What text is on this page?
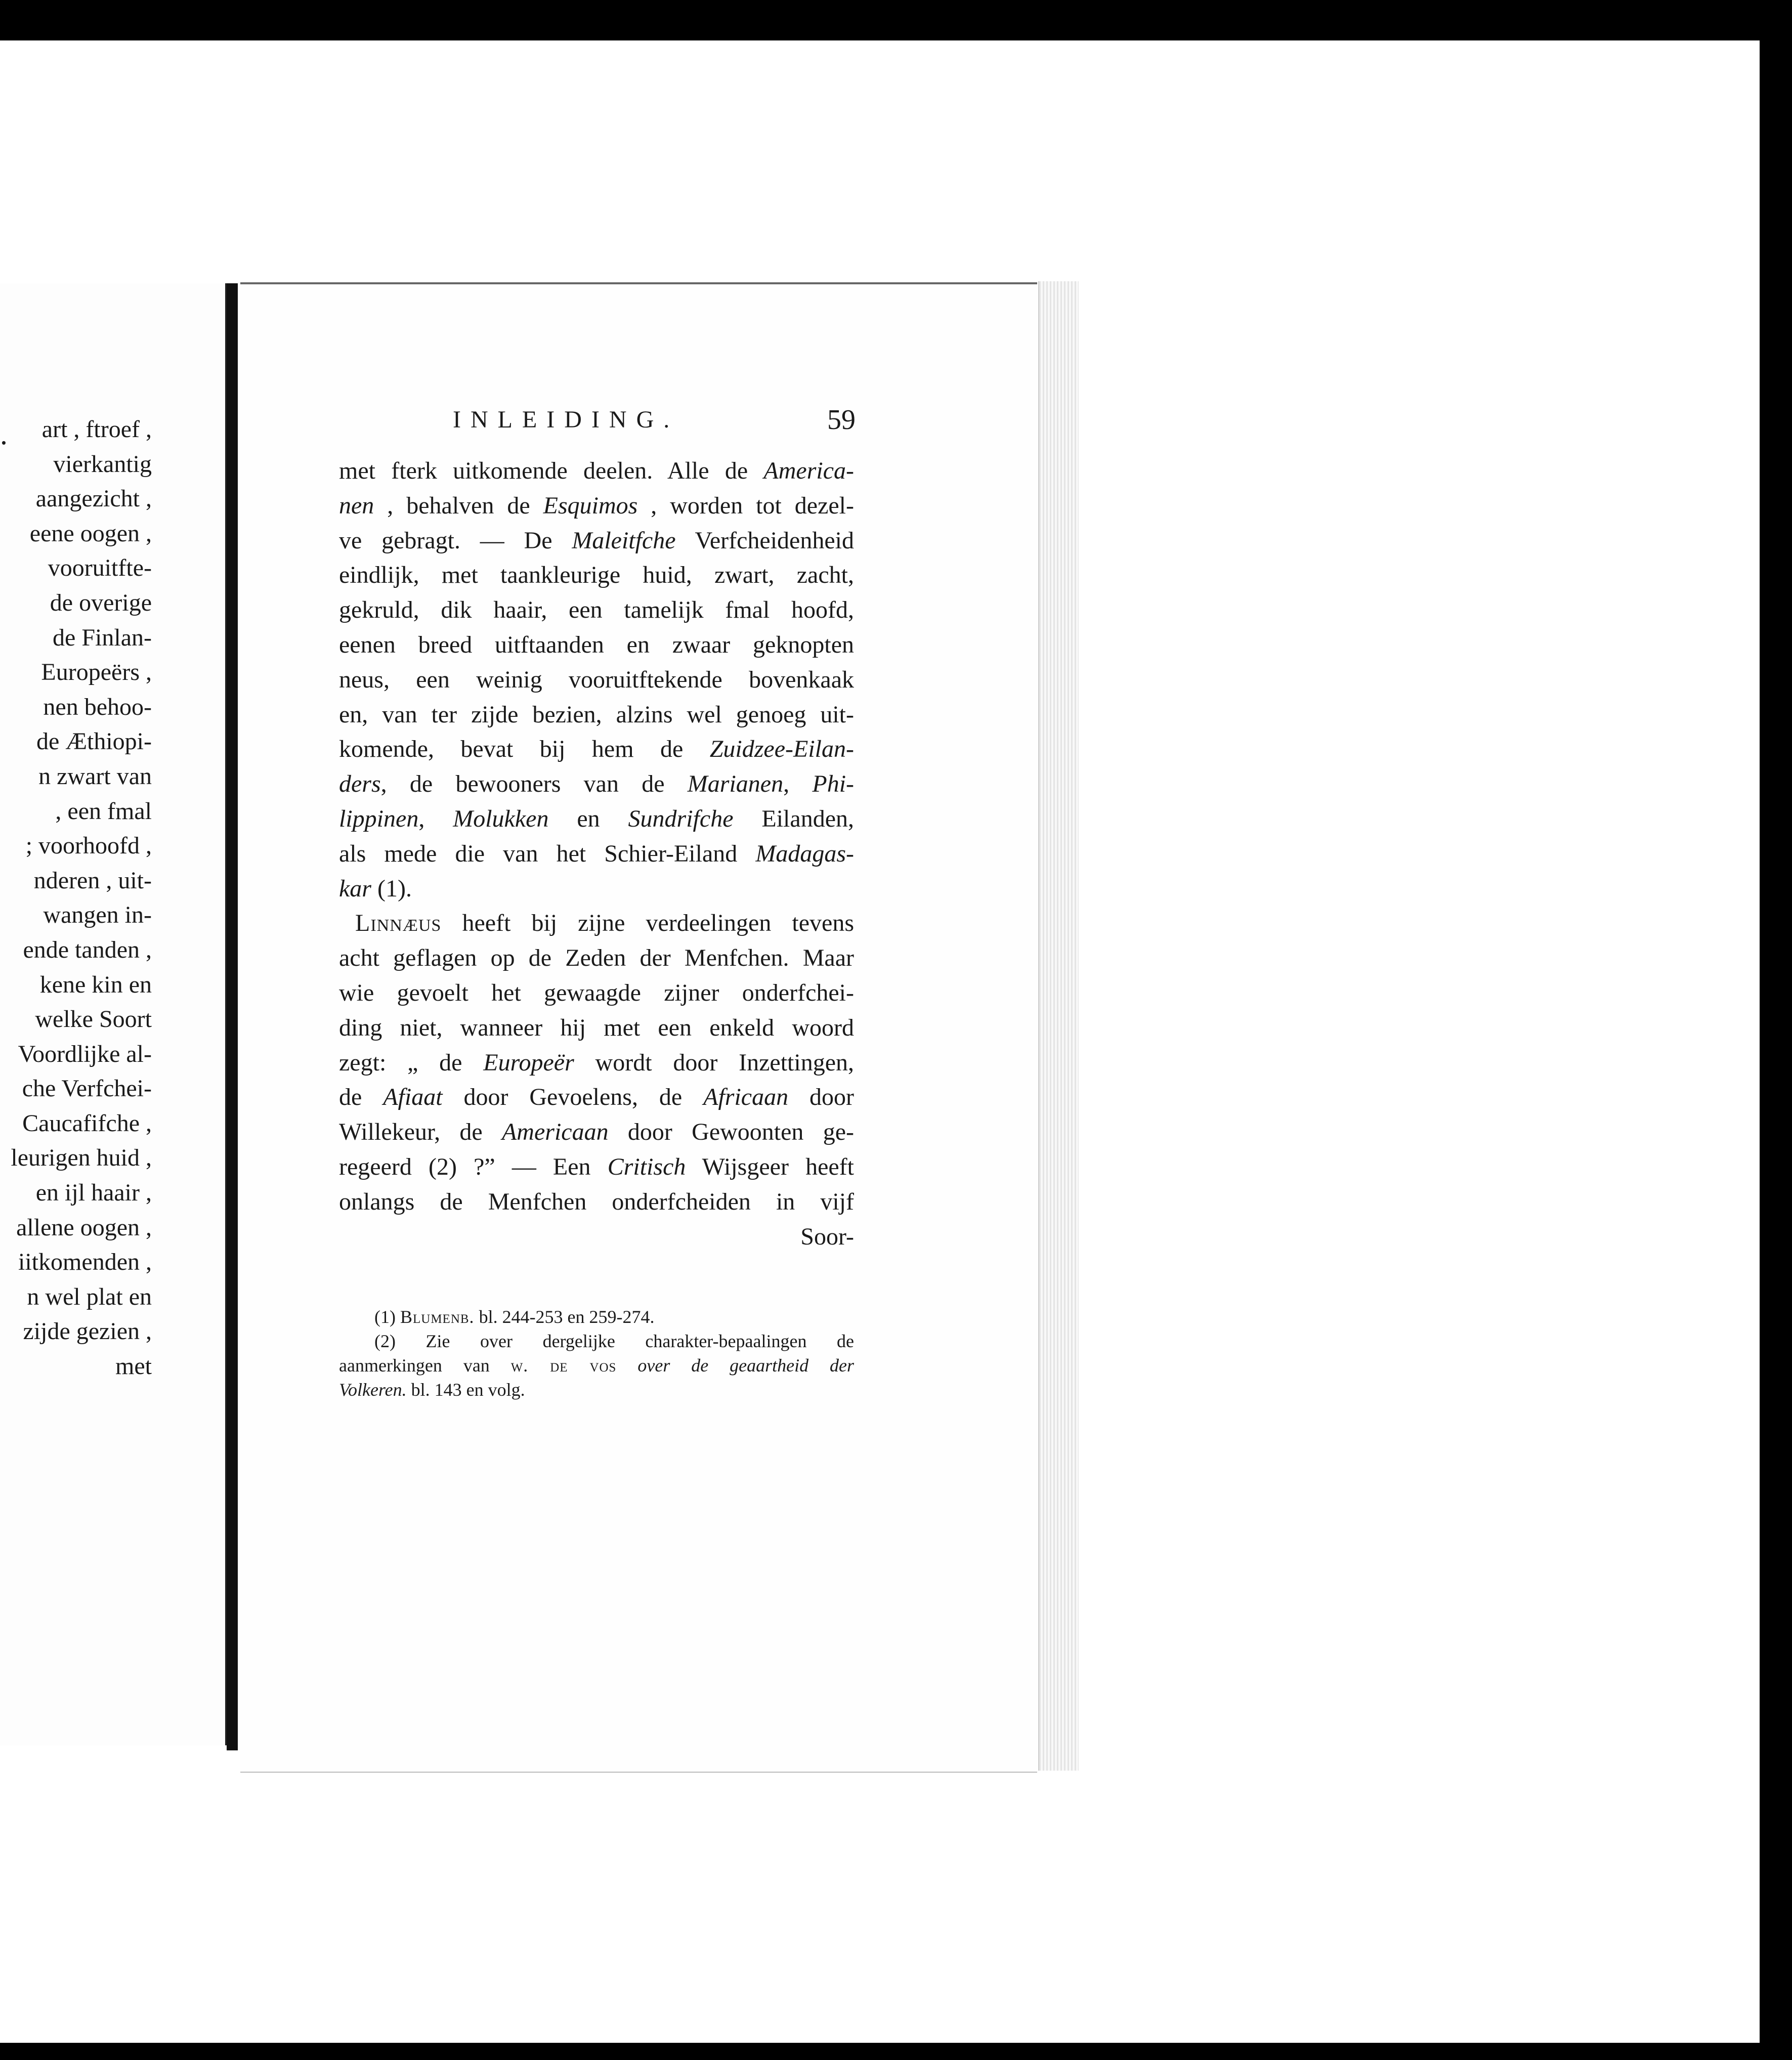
.	art , ftroef ,
vierkantig
aangezicht ,
eene oogen ,
vooruitfte-
de overige
de Finlan-
Europeërs ,
nen behoo-
de Æthiopi-
n zwart van
, een fmal
; voorhoofd ,
nderen , uit-
wangen in-
ende tanden ,
kene kin en
welke Soort
Voordlijke al-
che Verfchei-
Caucafifche ,
leurigen huid ,
en ijl haair ,
allene oogen ,
iitkomenden ,
n wel plat en
zijde gezien ,
met
INLEIDING.	59
met fterk uitkomende deelen. Alle de America-
nen , behalven de Esquimos , worden tot dezel-
ve gebragt. — De Maleitfche Verfcheidenheid
eindlijk, met taankleurige huid, zwart, zacht,
gekruld, dik haair, een tamelijk fmal hoofd,
eenen breed uitftaanden en zwaar geknopten
neus, een weinig vooruitftekende bovenkaak
en, van ter zijde bezien, alzins wel genoeg uit-
komende, bevat bij hem de Zuidzee-Eilan-
ders, de bewooners van de Marianen, Phi-
lippinen, Molukken en Sundrifche Eilanden,
als mede die van het Schier-Eiland Madagas-
kar (1).
Linnæus heeft bij zijne verdeelingen tevens
acht geflagen op de Zeden der Menfchen. Maar
wie gevoelt het gewaagde zijner onderfchei-
ding niet, wanneer hij met een enkeld woord
zegt: „ de Europeër wordt door Inzettingen,
de Afiaat door Gevoelens, de Africaan door
Willekeur, de Americaan door Gewoonten ge-
regeerd (2) ?” — Een Critisch Wijsgeer heeft
onlangs de Menfchen onderfcheiden in vijf
Soor-
(1) Blumenb. bl. 244-253 en 259-274.
(2) Zie over dergelijke charakter-bepaalingen de
aanmerkingen van w. de vos over de geaartheid der
Volkeren. bl. 143 en volg.
